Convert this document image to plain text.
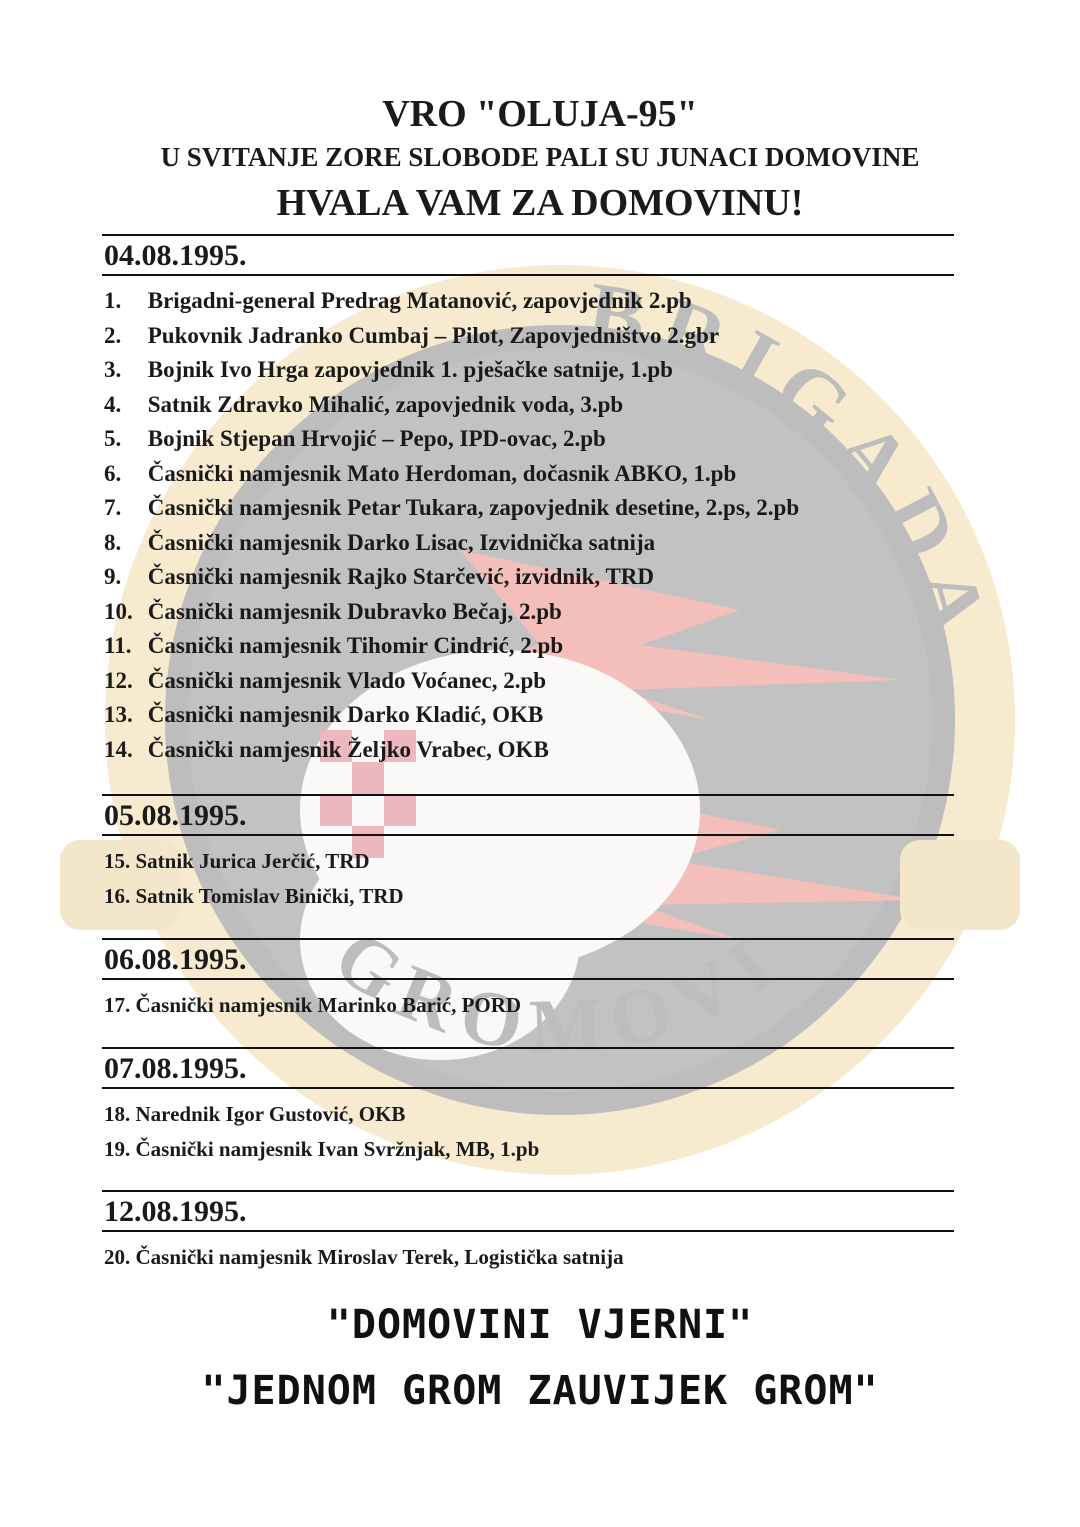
BRIGADA
GROMOVI
VRO "OLUJA-95"
U SVITANJE ZORE SLOBODE PALI SU JUNACI DOMOVINE
HVALA VAM ZA DOMOVINU!
04.08.1995.
1. Brigadni-general Predrag Matanović, zapovjednik 2.pb
2. Pukovnik Jadranko Cumbaj – Pilot, Zapovjedništvo 2.gbr
3. Bojnik Ivo Hrga zapovjednik 1. pješačke satnije, 1.pb
4. Satnik Zdravko Mihalić, zapovjednik voda, 3.pb
5. Bojnik Stjepan Hrvojić – Pepo, IPD-ovac, 2.pb
6. Časnički namjesnik Mato Herdoman, dočasnik ABKO, 1.pb
7. Časnički namjesnik Petar Tukara, zapovjednik desetine, 2.ps, 2.pb
8. Časnički namjesnik Darko Lisac, Izvidnička satnija
9. Časnički namjesnik Rajko Starčević, izvidnik, TRD
10. Časnički namjesnik Dubravko Bečaj, 2.pb
11. Časnički namjesnik Tihomir Cindrić, 2.pb
12. Časnički namjesnik Vlado Voćanec, 2.pb
13. Časnički namjesnik Darko Kladić, OKB
14. Časnički namjesnik Željko Vrabec, OKB
05.08.1995.
15. Satnik Jurica Jerčić, TRD
16. Satnik Tomislav Binički, TRD
06.08.1995.
17. Časnički namjesnik Marinko Barić, PORD
07.08.1995.
18. Narednik Igor Gustović, OKB
19. Časnički namjesnik Ivan Svržnjak, MB, 1.pb
12.08.1995.
20. Časnički namjesnik Miroslav Terek, Logistička satnija

"DOMOVINI VJERNI"

"JEDNOM GROM ZAUVIJEK GROM"
